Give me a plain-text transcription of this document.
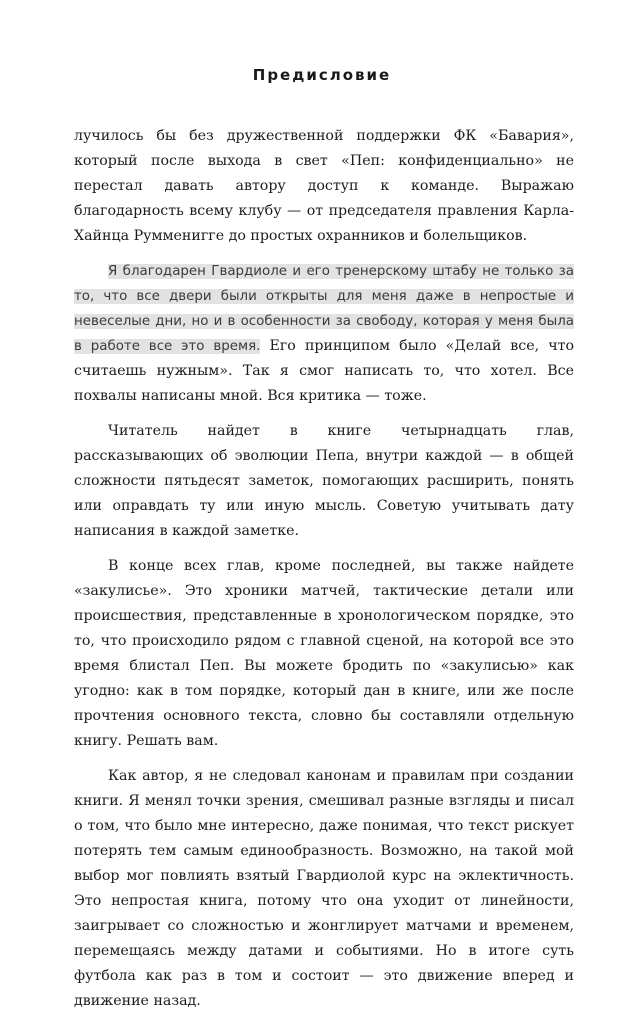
Предисловие

лучилось бы без дружественной поддержки ФК «Бавария», который после выхода в свет «Пеп: конфиденциально» не перестал давать автору доступ к команде. Выражаю благодарность всему клубу — от председателя правления Карла-Хайнца Румменигге до простых охранников и болельщиков.

Я благодарен Гвардиоле и его тренерскому штабу не только за то, что все двери были открыты для меня даже в непростые и невеселые дни, но и в особенности за свободу, которая у меня была в работе все это время. Его принципом было «Делай все, что считаешь нужным». Так я смог написать то, что хотел. Все похвалы написаны мной. Вся критика — тоже.

Читатель найдет в книге четырнадцать глав, рассказывающих об эволюции Пепа, внутри каждой — в общей сложности пятьдесят заметок, помогающих расширить, понять или оправдать ту или иную мысль. Советую учитывать дату написания в каждой заметке.

В конце всех глав, кроме последней, вы также найдете «закулисье». Это хроники матчей, тактические детали или происшествия, представленные в хронологическом порядке, это то, что происходило рядом с главной сценой, на которой все это время блистал Пеп. Вы можете бродить по «закулисью» как угодно: как в том порядке, который дан в книге, или же после прочтения основного текста, словно бы составляли отдельную книгу. Решать вам.

Как автор, я не следовал канонам и правилам при создании книги. Я менял точки зрения, смешивал разные взгляды и писал о том, что было мне интересно, даже понимая, что текст рискует потерять тем самым единообразность. Возможно, на такой мой выбор мог повлиять взятый Гвардиолой курс на эклектичность. Это непростая книга, потому что она уходит от линейности, заигрывает со сложностью и жонглирует матчами и временем, перемещаясь между датами и событиями. Но в итоге суть футбола как раз в том и состоит — это движение вперед и движение назад.
